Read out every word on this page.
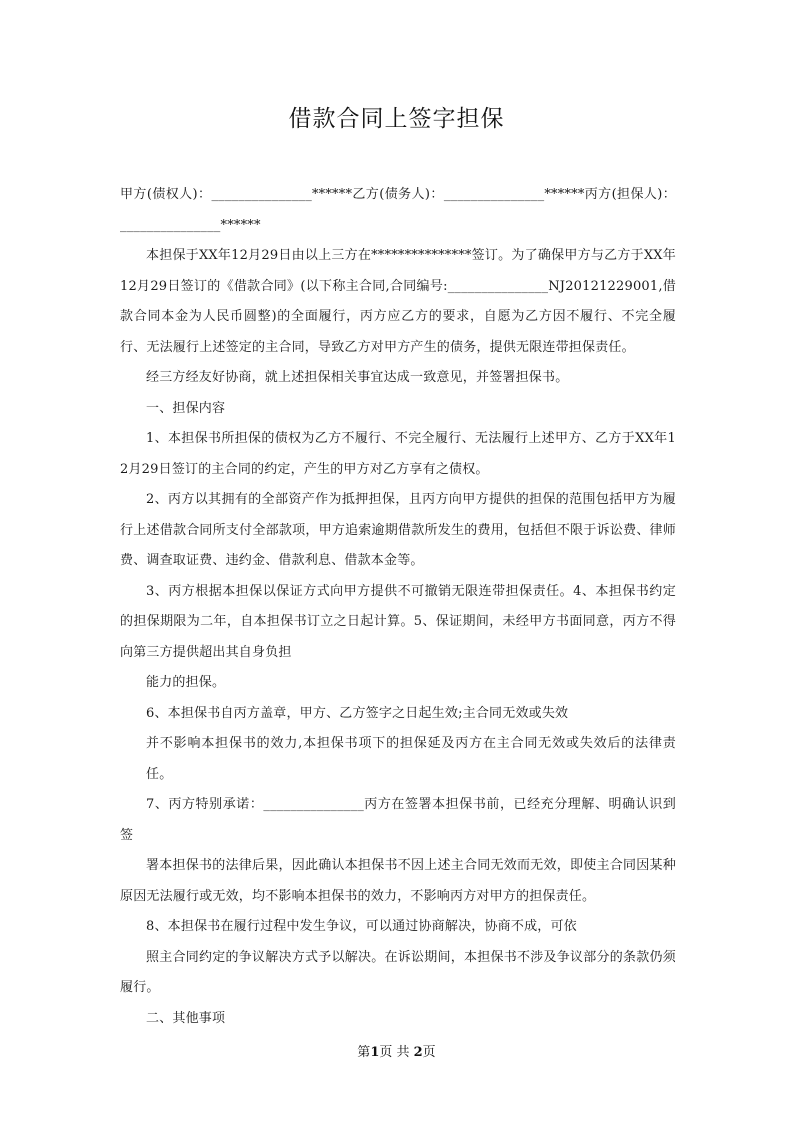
借款合同上签字担保

甲方(债权人)：_______________******乙方(债务人)：_______________******丙方(担保人)：_______________******

本担保于XX年12月29日由以上三方在***************签订。为了确保甲方与乙方于XX年12月29日签订的《借款合同》(以下称主合同,合同编号:_______________NJ20121229001,借款合同本金为人民币圆整)的全面履行，丙方应乙方的要求，自愿为乙方因不履行、不完全履行、无法履行上述签定的主合同，导致乙方对甲方产生的债务，提供无限连带担保责任。

经三方经友好协商，就上述担保相关事宜达成一致意见，并签署担保书。

一、担保内容

1、本担保书所担保的债权为乙方不履行、不完全履行、无法履行上述甲方、乙方于XX年12月29日签订的主合同的约定，产生的甲方对乙方享有之债权。

2、丙方以其拥有的全部资产作为抵押担保，且丙方向甲方提供的担保的范围包括甲方为履行上述借款合同所支付全部款项，甲方追索逾期借款所发生的费用，包括但不限于诉讼费、律师费、调查取证费、违约金、借款利息、借款本金等。

3、丙方根据本担保以保证方式向甲方提供不可撤销无限连带担保责任。4、本担保书约定的担保期限为二年，自本担保书订立之日起计算。5、保证期间，未经甲方书面同意，丙方不得向第三方提供超出其自身负担

能力的担保。

6、本担保书自丙方盖章，甲方、乙方签字之日起生效;主合同无效或失效

并不影响本担保书的效力,本担保书项下的担保延及丙方在主合同无效或失效后的法律责任。

7、丙方特别承诺：_______________丙方在签署本担保书前，已经充分理解、明确认识到签

署本担保书的法律后果，因此确认本担保书不因上述主合同无效而无效，即使主合同因某种原因无法履行或无效，均不影响本担保书的效力，不影响丙方对甲方的担保责任。

8、本担保书在履行过程中发生争议，可以通过协商解决，协商不成，可依

照主合同约定的争议解决方式予以解决。在诉讼期间，本担保书不涉及争议部分的条款仍须履行。

二、其他事项

第1页 共 2页
